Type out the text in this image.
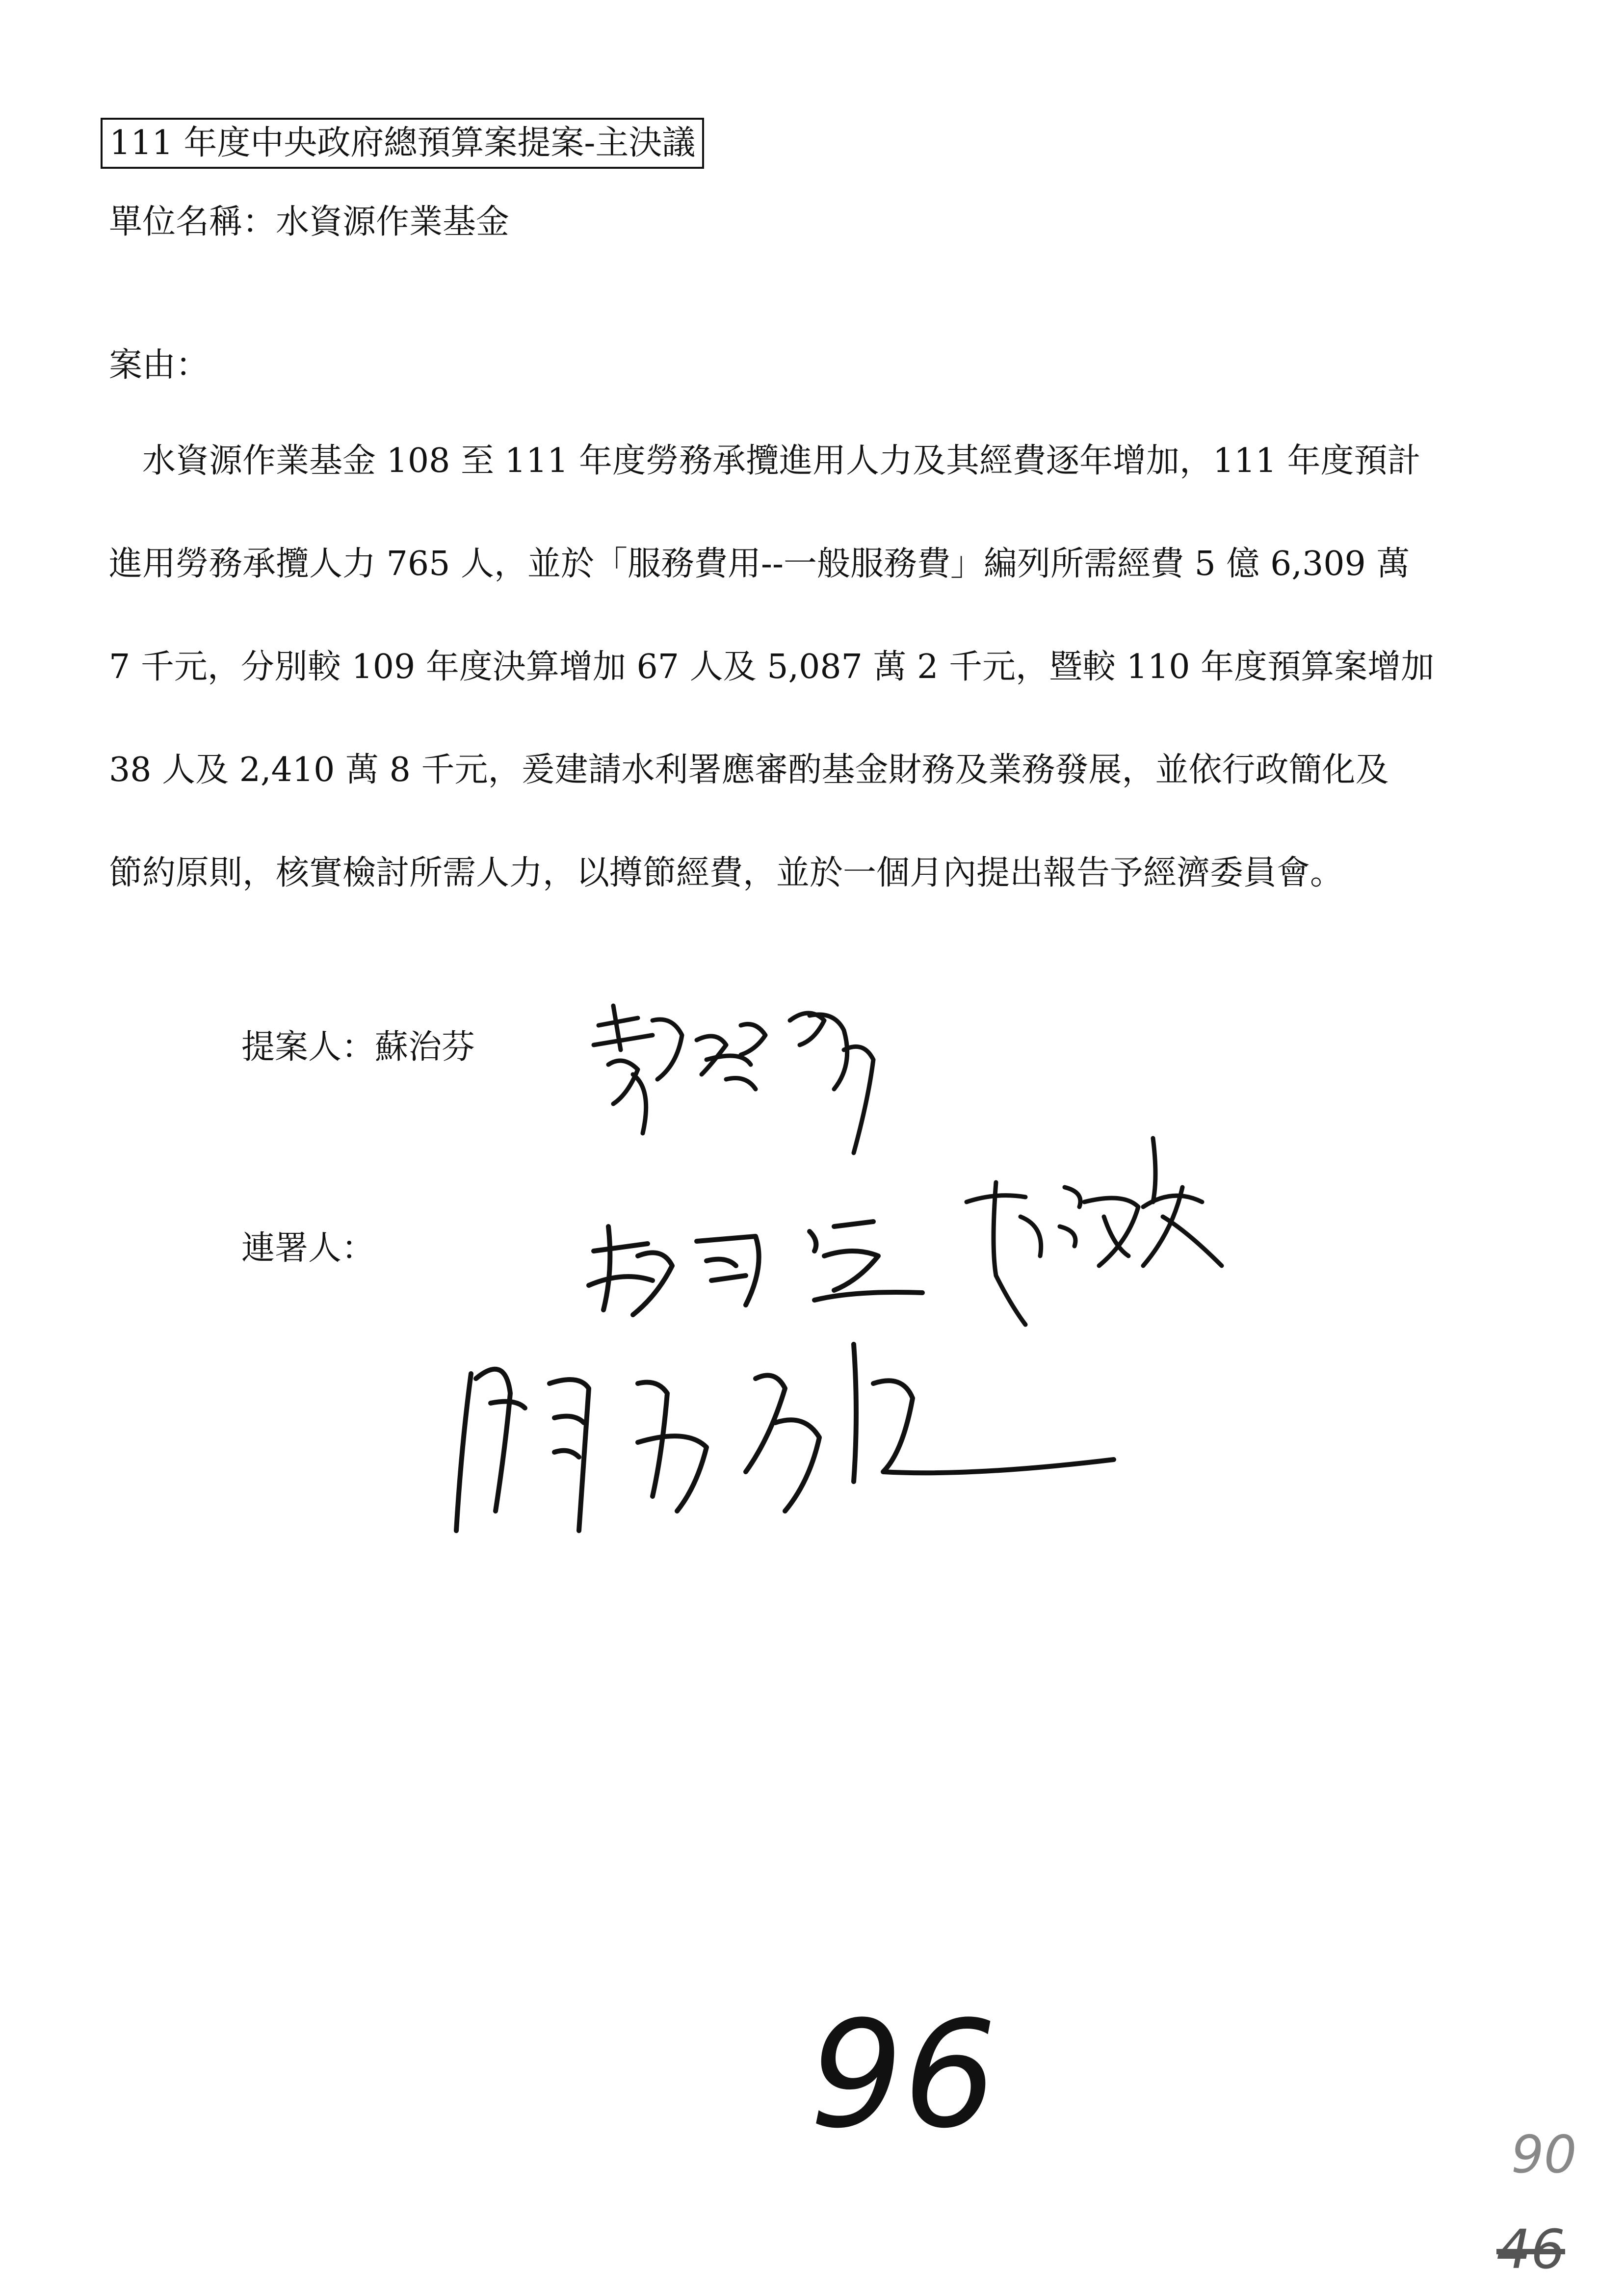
111 年度中央政府總預算案提案-主決議
單位名稱：水資源作業基金
案由：
水資源作業基金 108 至 111 年度勞務承攬進用人力及其經費逐年增加，111 年度預計
進用勞務承攬人力 765 人，並於「服務費用--一般服務費」編列所需經費 5 億 6,309 萬
7 千元，分別較 109 年度決算增加 67 人及 5,087 萬 2 千元，暨較 110 年度預算案增加
38 人及 2,410 萬 8 千元，爰建請水利署應審酌基金財務及業務發展，並依行政簡化及
節約原則，核實檢討所需人力，以撙節經費，並於一個月內提出報告予經濟委員會。
提案人：蘇治芬
連署人：
96	90
46
